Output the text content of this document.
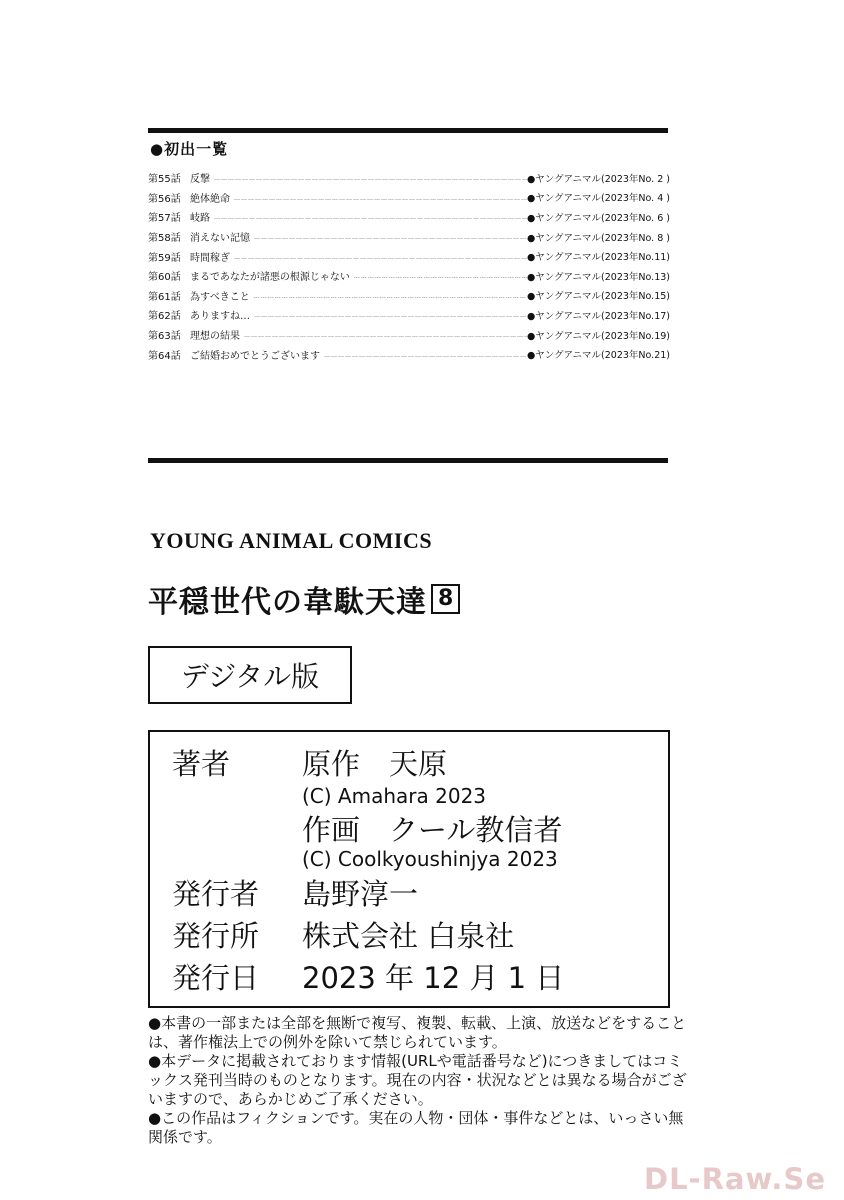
●初出一覧
第55話 反撃 …………………………………………………………………………………………………………………………	●ヤングアニマル(2023年No. 2 )
第56話 絶体絶命 …………………………………………………………………………………………………………………………	●ヤングアニマル(2023年No. 4 )
第57話 岐路 …………………………………………………………………………………………………………………………	●ヤングアニマル(2023年No. 6 )
第58話 消えない記憶 …………………………………………………………………………………………………………………………	●ヤングアニマル(2023年No. 8 )
第59話 時間稼ぎ …………………………………………………………………………………………………………………………	●ヤングアニマル(2023年No.11)
第60話 まるであなたが諸悪の根源じゃない …………………………………………………………………………………………………………………………	●ヤングアニマル(2023年No.13)
第61話 為すべきこと …………………………………………………………………………………………………………………………	●ヤングアニマル(2023年No.15)
第62話 ありますね… …………………………………………………………………………………………………………………………	●ヤングアニマル(2023年No.17)
第63話 理想の結果 …………………………………………………………………………………………………………………………	●ヤングアニマル(2023年No.19)
第64話 ご結婚おめでとうございます …………………………………………………………………………………………………………………………	●ヤングアニマル(2023年No.21)
YOUNG ANIMAL COMICS
平穏世代の韋駄天達 8
デジタル版
著者 原作　天原
(C) Amahara 2023
作画　クール教信者
(C) Coolkyoushinjya 2023
発行者 島野淳一
発行所 株式会社 白泉社
発行日 2023 年 12 月 1 日

●本書の一部または全部を無断で複写、複製、転載、上演、放送などをすることは、著作権法上での例外を除いて禁じられています。

●本データに掲載されております情報(URLや電話番号など)につきましてはコミックス発刊当時のものとなります。現在の内容・状況などとは異なる場合がございますので、あらかじめご了承ください。

●この作品はフィクションです。実在の人物・団体・事件などとは、いっさい無関係です。

DL-Raw.Se
